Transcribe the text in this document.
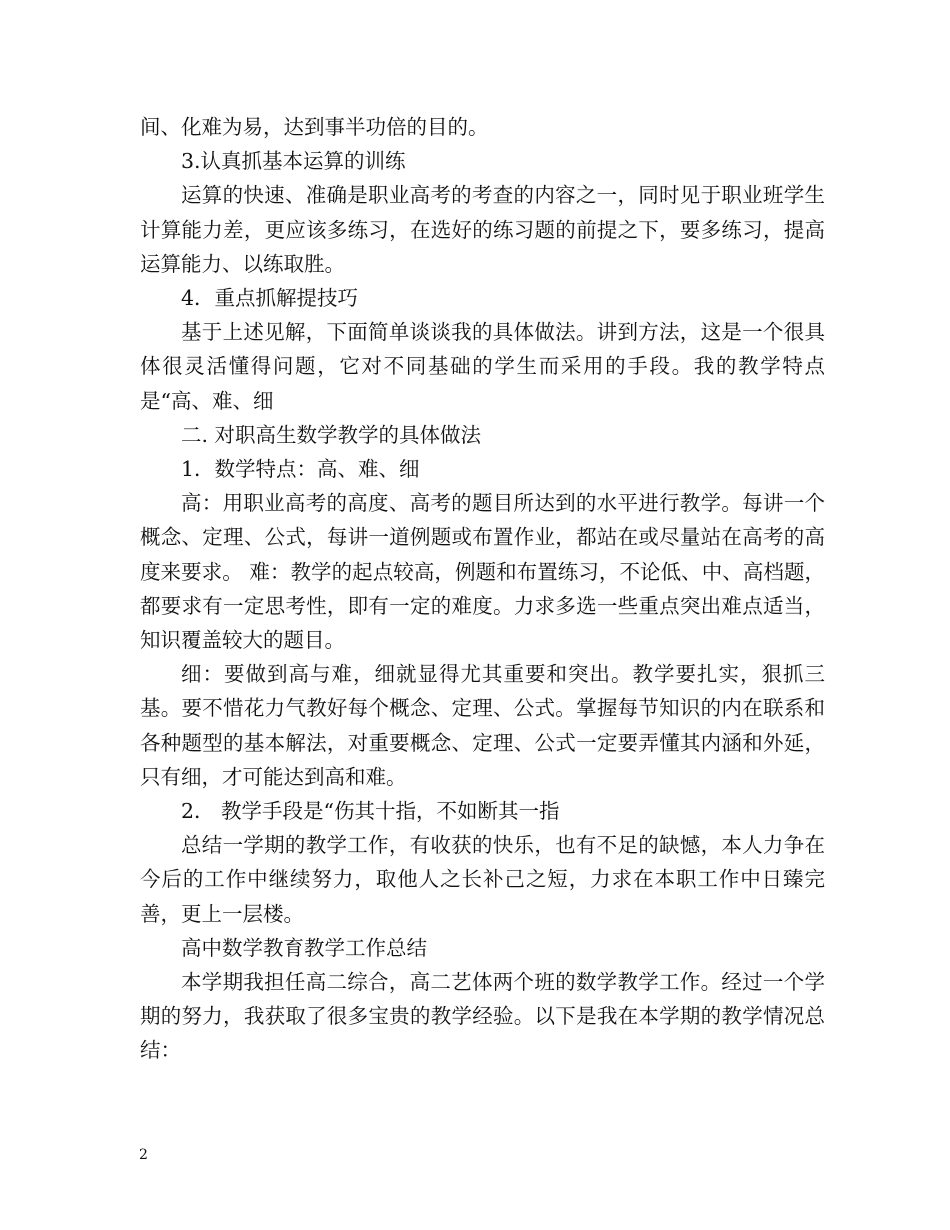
间、化难为易，达到事半功倍的目的。

3.认真抓基本运算的训练

运算的快速、准确是职业高考的考查的内容之一，同时见于职业班学生计算能力差，更应该多练习，在选好的练习题的前提之下，要多练习，提高运算能力、以练取胜。

4．重点抓解提技巧

基于上述见解，下面简单谈谈我的具体做法。讲到方法，这是一个很具体很灵活懂得问题，它对不同基础的学生而采用的手段。我的教学特点是“高、难、细

二. 对职高生数学教学的具体做法

1．数学特点：高、难、细

高：用职业高考的高度、高考的题目所达到的水平进行教学。每讲一个概念、定理、公式，每讲一道例题或布置作业，都站在或尽量站在高考的高度来要求。 难：教学的起点较高，例题和布置练习，不论低、中、高档题，都要求有一定思考性，即有一定的难度。力求多选一些重点突出难点适当，知识覆盖较大的题目。

细：要做到高与难，细就显得尤其重要和突出。教学要扎实，狠抓三基。要不惜花力气教好每个概念、定理、公式。掌握每节知识的内在联系和各种题型的基本解法，对重要概念、定理、公式一定要弄懂其内涵和外延，只有细，才可能达到高和难。

2． 教学手段是“伤其十指，不如断其一指

总结一学期的教学工作，有收获的快乐，也有不足的缺憾，本人力争在今后的工作中继续努力，取他人之长补己之短，力求在本职工作中日臻完善，更上一层楼。

高中数学教育教学工作总结

本学期我担任高二综合，高二艺体两个班的数学教学工作。经过一个学期的努力，我获取了很多宝贵的教学经验。以下是我在本学期的教学情况总结：

2
